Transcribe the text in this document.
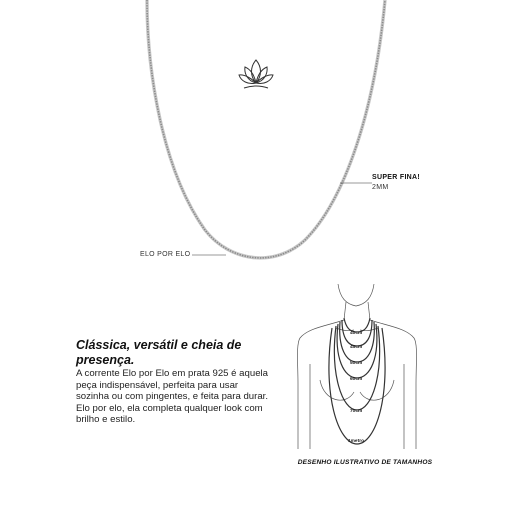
SUPER FINA!
2MM
ELO POR ELO
Clássica, versátil e cheia de presença.
A corrente Elo por Elo em prata 925 é aquela peça indispensável, perfeita para usar sozinha ou com pingentes, e feita para durar. Elo por elo, ela completa qualquer look com brilho e estilo.
40cm
45cm
50cm
60cm
70cm
1metro
DESENHO ILUSTRATIVO DE TAMANHOS
